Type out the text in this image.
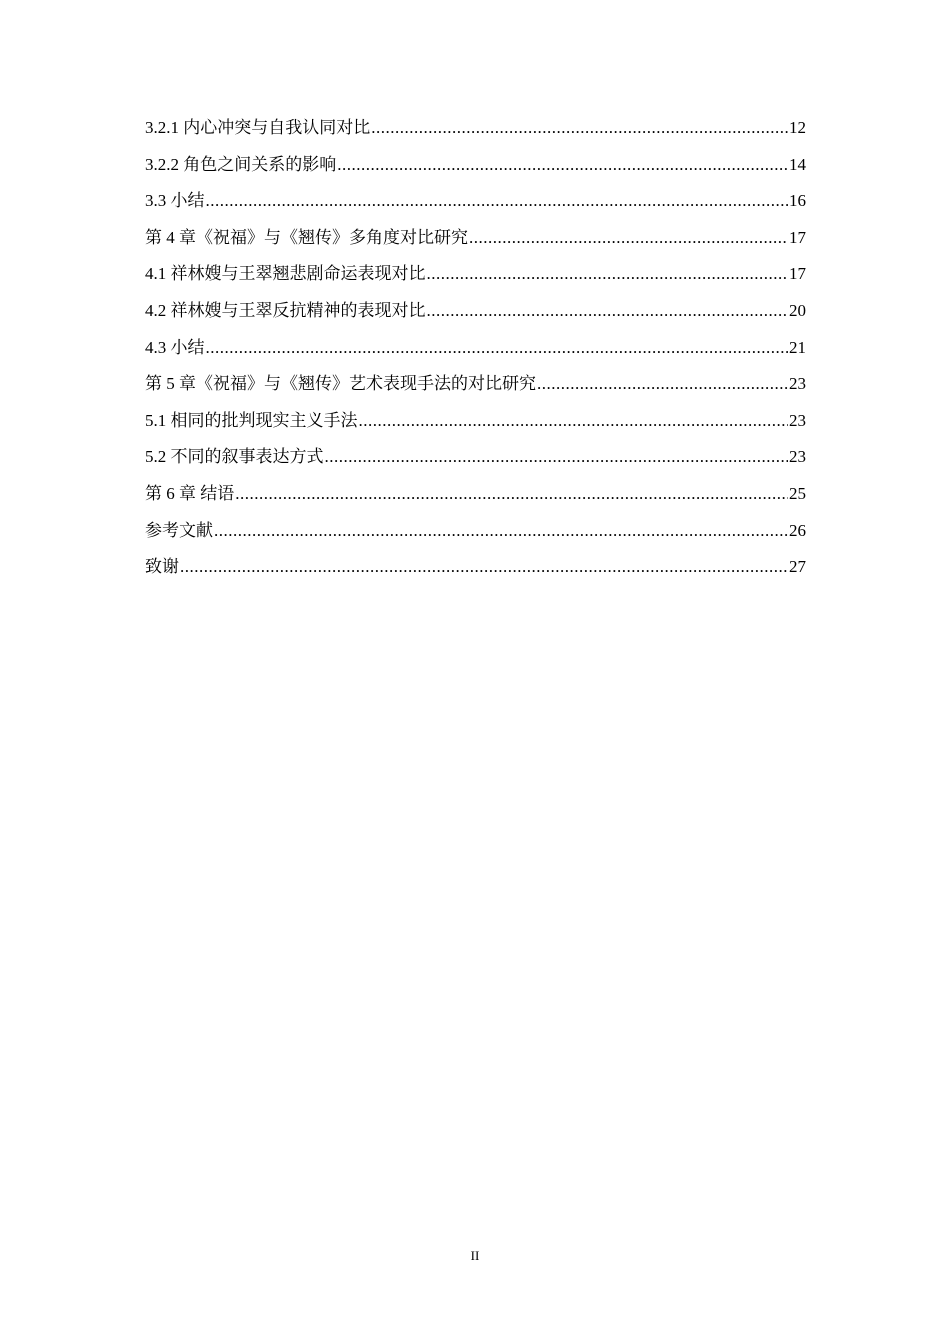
3.2.1 内心冲突与自我认同对比 .....	12
3.2.2 角色之间关系的影响 .....	14
3.3 小结 .....	16
第 4 章《祝福》与《翘传》多角度对比研究 .....	17
4.1 祥林嫂与王翠翘悲剧命运表现对比 .....	17
4.2 祥林嫂与王翠反抗精神的表现对比 .....	20
4.3 小结 .....	21
第 5 章《祝福》与《翘传》艺术表现手法的对比研究 .....	23
5.1 相同的批判现实主义手法 .....	23
5.2 不同的叙事表达方式 .....	23
第 6 章 结语 .....	25
参考文献 .....	26
致谢 .....	27
II
